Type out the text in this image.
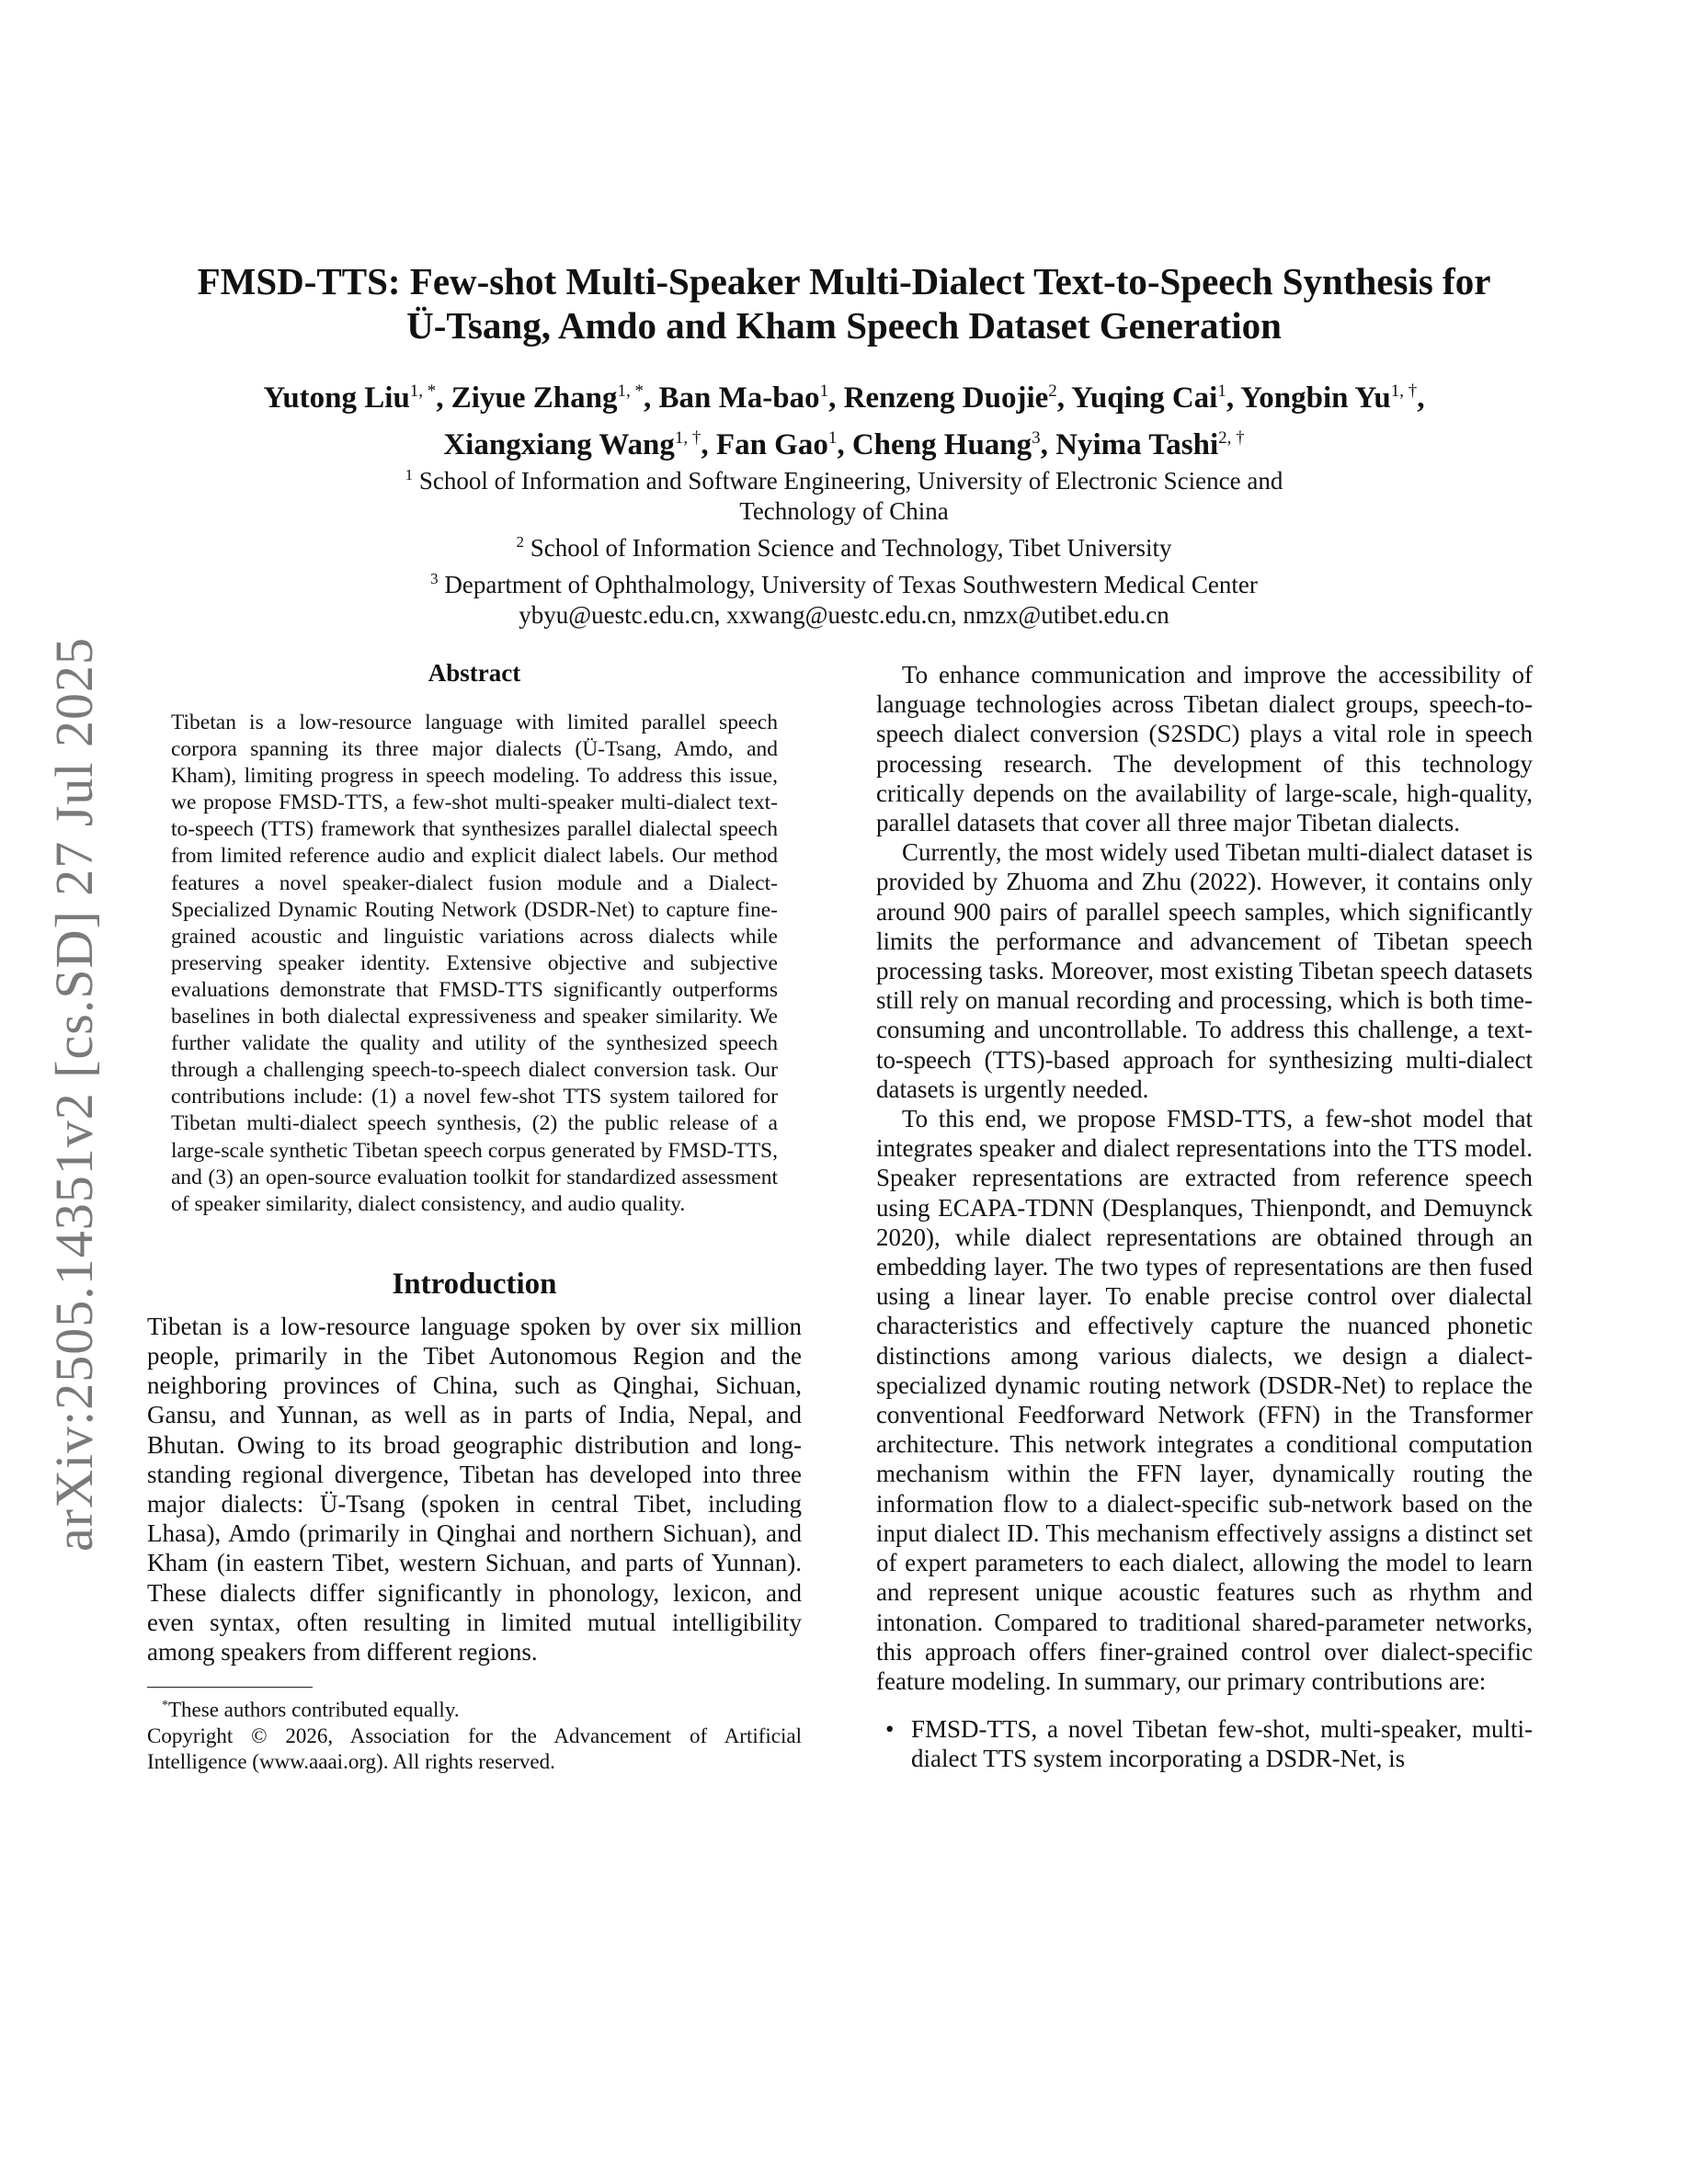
arXiv:2505.14351v2 [cs.SD] 27 Jul 2025
FMSD-TTS: Few-shot Multi-Speaker Multi-Dialect Text-to-Speech Synthesis for
Ü-Tsang, Amdo and Kham Speech Dataset Generation
Yutong Liu$^{1, *}$, Ziyue Zhang$^{1, *}$, Ban Ma-bao$^1$, Renzeng Duojie$^2$, Yuqing Cai$^1$, Yongbin $Yu^{1, \dagger}$,
Xiangxiang Wang$^{1, \dagger}$, Fan Gao$^1$, Cheng Huang$^3$, Nyima Tashi$^{2, \dagger}$
$^1$ School of Information and Software Engineering, University of Electronic Science and
Technology of China
$^2$ School of Information Science and Technology, Tibet University
$^3$ Department of Ophthalmology, University of Texas Southwestern Medical Center
ybyu@uestc.edu.cn, xxwang@uestc.edu.cn, nmzx@utibet.edu.cn
Abstract

Tibetan is a low-resource language with limited parallel speech corpora spanning its three major dialects (Ü-Tsang, Amdo, and Kham), limiting progress in speech modeling. To address this issue, we propose FMSD-TTS, a few-shot multi-speaker multi-dialect text-to-speech (TTS) framework that synthesizes parallel dialectal speech from limited reference audio and explicit dialect labels. Our method features a novel speaker-dialect fusion module and a Dialect-Specialized Dynamic Routing Network (DSDR-Net) to capture fine-grained acoustic and linguistic variations across dialects while preserving speaker identity. Extensive objective and subjective evaluations demonstrate that FMSD-TTS significantly outperforms baselines in both dialectal expressiveness and speaker similarity. We further validate the quality and utility of the synthesized speech through a challenging speech-to-speech dialect conversion task. Our contributions include: (1) a novel few-shot TTS system tailored for Tibetan multi-dialect speech synthesis, (2) the public release of a large-scale synthetic Tibetan speech corpus generated by FMSD-TTS, and (3) an open-source evaluation toolkit for standardized assessment of speaker similarity, dialect consistency, and audio quality.

Introduction

Tibetan is a low-resource language spoken by over six million people, primarily in the Tibet Autonomous Region and the neighboring provinces of China, such as Qinghai, Sichuan, Gansu, and Yunnan, as well as in parts of India, Nepal, and Bhutan. Owing to its broad geographic distribution and long-standing regional divergence, Tibetan has developed into three major dialects: Ü-Tsang (spoken in central Tibet, including Lhasa), Amdo (primarily in Qinghai and northern Sichuan), and Kham (in eastern Tibet, western Sichuan, and parts of Yunnan). These dialects differ significantly in phonology, lexicon, and even syntax, often resulting in limited mutual intelligibility among speakers from different regions.

*These authors contributed equally.

Copyright © 2026, Association for the Advancement of Artificial Intelligence (www.aaai.org). All rights reserved.

To enhance communication and improve the accessibility of language technologies across Tibetan dialect groups, speech-to-speech dialect conversion (S2SDC) plays a vital role in speech processing research. The development of this technology critically depends on the availability of large-scale, high-quality, parallel datasets that cover all three major Tibetan dialects.

Currently, the most widely used Tibetan multi-dialect dataset is provided by Zhuoma and Zhu (2022). However, it contains only around 900 pairs of parallel speech samples, which significantly limits the performance and advancement of Tibetan speech processing tasks. Moreover, most existing Tibetan speech datasets still rely on manual recording and processing, which is both time-consuming and uncontrollable. To address this challenge, a text-to-speech (TTS)-based approach for synthesizing multi-dialect datasets is urgently needed.

To this end, we propose FMSD-TTS, a few-shot model that integrates speaker and dialect representations into the TTS model. Speaker representations are extracted from reference speech using ECAPA-TDNN (Desplanques, Thienpondt, and Demuynck 2020), while dialect representations are obtained through an embedding layer. The two types of representations are then fused using a linear layer. To enable precise control over dialectal characteristics and effectively capture the nuanced phonetic distinctions among various dialects, we design a dialect-specialized dynamic routing network (DSDR-Net) to replace the conventional Feedforward Network (FFN) in the Transformer architecture. This network integrates a conditional computation mechanism within the FFN layer, dynamically routing the information flow to a dialect-specific sub-network based on the input dialect ID. This mechanism effectively assigns a distinct set of expert parameters to each dialect, allowing the model to learn and represent unique acoustic features such as rhythm and intonation. Compared to traditional shared-parameter networks, this approach offers finer-grained control over dialect-specific feature modeling. In summary, our primary contributions are:

• FMSD-TTS, a novel Tibetan few-shot, multi-speaker, multi-dialect TTS system incorporating a DSDR-Net, is
